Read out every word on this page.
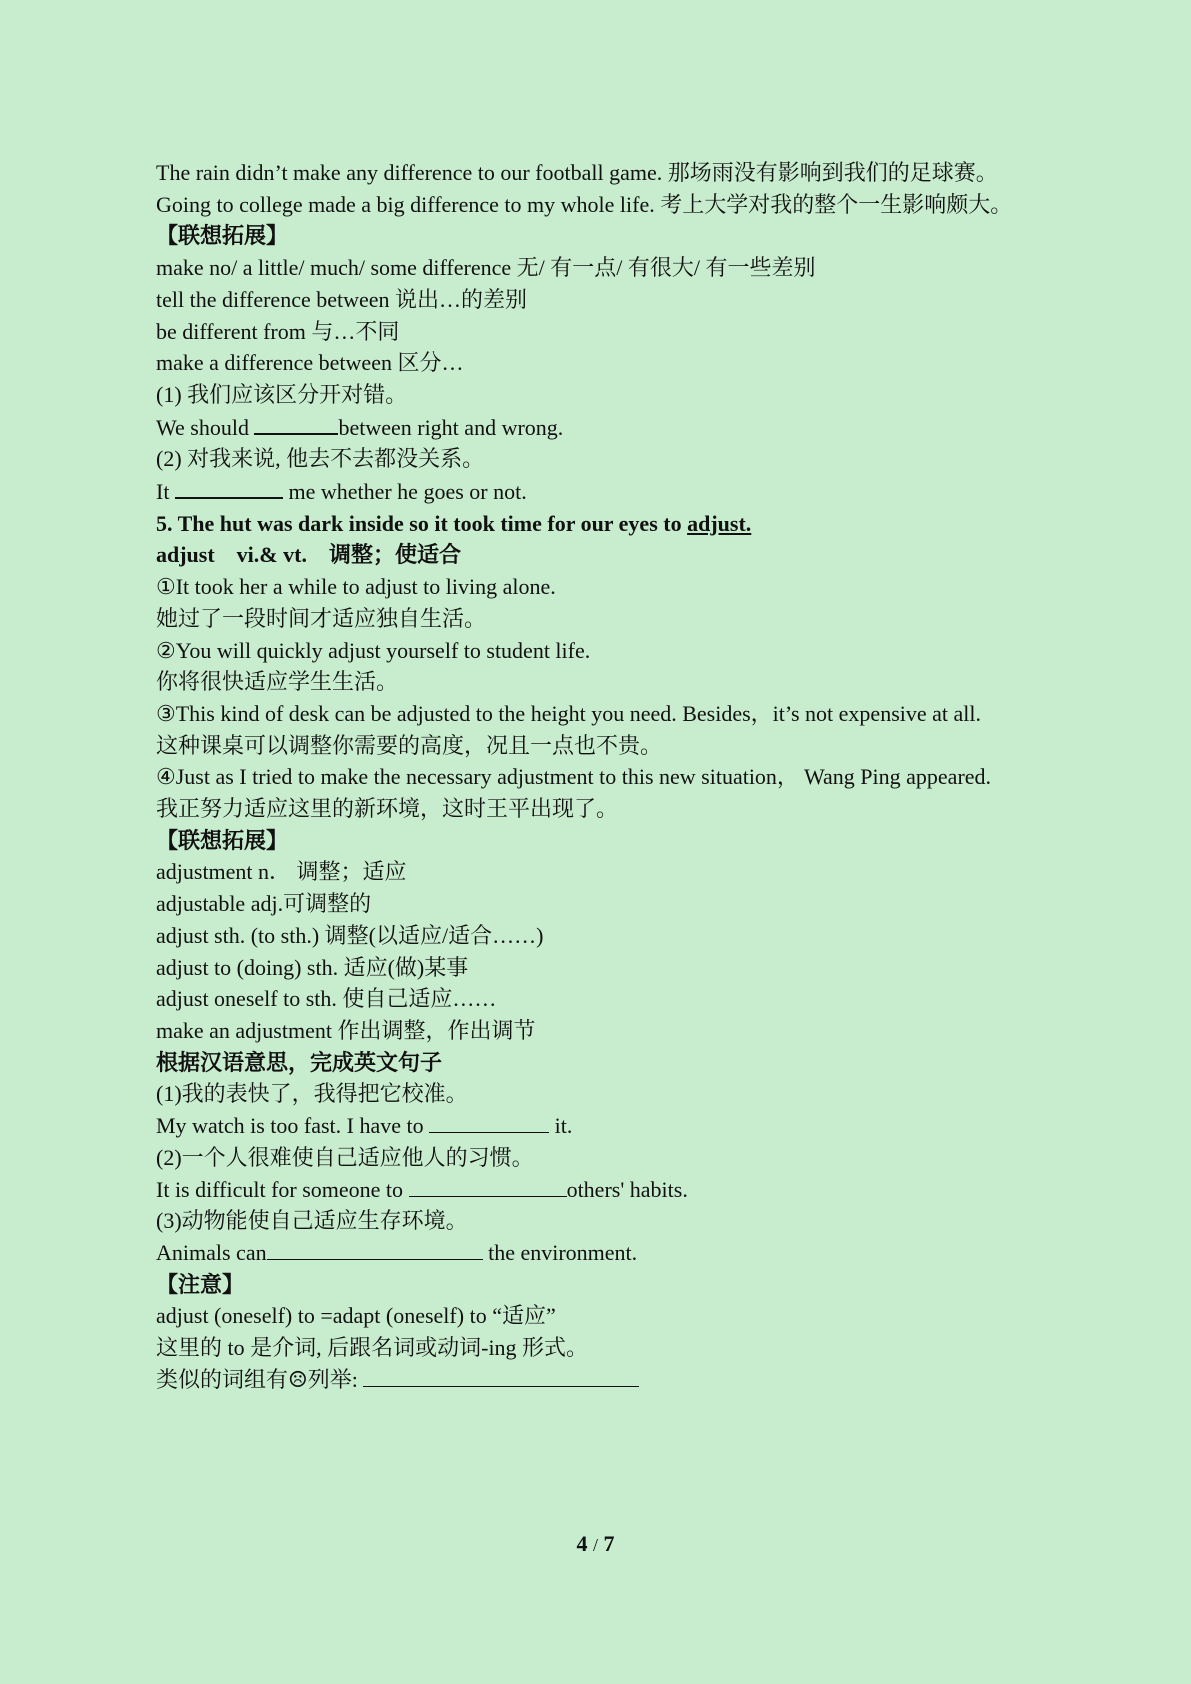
The rain didn’t make any difference to our football game. 那场雨没有影响到我们的足球赛。

Going to college made a big difference to my whole life. 考上大学对我的整个一生影响颇大。

【联想拓展】

make no/ a little/ much/ some difference 无/ 有一点/ 有很大/ 有一些差别

tell the difference between 说出…的差别

be different from 与…不同

make a difference between 区分…

(1) 我们应该区分开对错。

We should	between right and wrong.

(2) 对我来说, 他去不去都没关系。

It	me whether he goes or not.

5. The hut was dark inside so it took time for our eyes to adjust.

adjust　vi.& vt.　调整；使适合

①It took her a while to adjust to living alone.

她过了一段时间才适应独自生活。

②You will quickly adjust yourself to student life.

你将很快适应学生生活。

③This kind of desk can be adjusted to the height you need. Besides，it’s not expensive at all.

这种课桌可以调整你需要的高度，况且一点也不贵。

④Just as I tried to make the necessary adjustment to this new situation， Wang Ping appeared.

我正努力适应这里的新环境，这时王平出现了。

【联想拓展】

adjustment n． 调整；适应

adjustable adj.可调整的

adjust sth. (to sth.) 调整(以适应/适合……)

adjust to (doing) sth. 适应(做)某事

adjust oneself to sth. 使自己适应……

make an adjustment 作出调整，作出调节

根据汉语意思，完成英文句子

(1)我的表快了，我得把它校准。

My watch is too fast. I have to	it.

(2)一个人很难使自己适应他人的习惯。

It is difficult for someone to	others' habits.

(3)动物能使自己适应生存环境。

Animals can	the environment.

【注意】

adjust (oneself) to =adapt (oneself) to “适应”

这里的 to 是介词, 后跟名词或动词-ing 形式。

类似的词组有☹列举:

4 / 7
